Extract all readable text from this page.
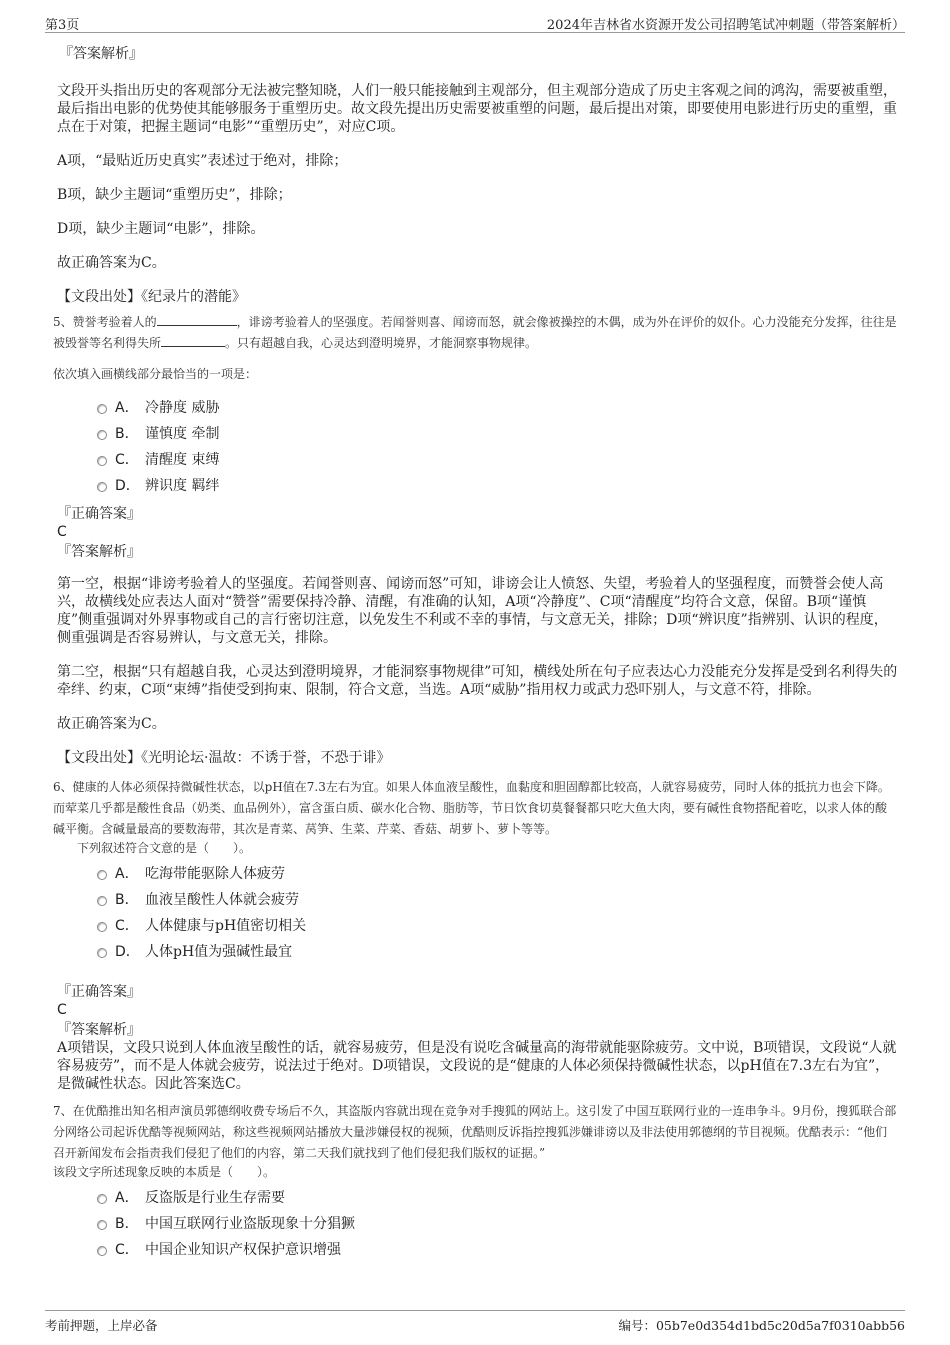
第3页	2024年吉林省水资源开发公司招聘笔试冲刺题（带答案解析）

『答案解析』

文段开头指出历史的客观部分无法被完整知晓，人们一般只能接触到主观部分，但主观部分造成了历史主客观之间的鸿沟，需要被重塑，最后指出电影的优势使其能够服务于重塑历史。故文段先提出历史需要被重塑的问题，最后提出对策，即要使用电影进行历史的重塑，重点在于对策，把握主题词“电影”“重塑历史”，对应C项。

A项，“最贴近历史真实”表述过于绝对，排除；

B项，缺少主题词“重塑历史”，排除；

D项，缺少主题词“电影”，排除。

故正确答案为C。

【文段出处】《纪录片的潜能》

5、赞誉考验着人的	，诽谤考验着人的坚强度。若闻誉则喜、闻谤而怒，就会像被操控的木偶，成为外在评价的奴仆。心力没能充分发挥，往往是被毁誉等名利得失所	。只有超越自我，心灵达到澄明境界，才能洞察事物规律。

依次填入画横线部分最恰当的一项是：

A． 冷静度 威胁
B． 谨慎度 牵制
C． 清醒度 束缚
D． 辨识度 羁绊

『正确答案』

C

『答案解析』

第一空，根据“诽谤考验着人的坚强度。若闻誉则喜、闻谤而怒”可知，诽谤会让人愤怒、失望，考验着人的坚强程度，而赞誉会使人高兴，故横线处应表达人面对“赞誉”需要保持冷静、清醒，有准确的认知，A项“冷静度”、C项“清醒度”均符合文意，保留。B项“谨慎度”侧重强调对外界事物或自己的言行密切注意，以免发生不利或不幸的事情，与文意无关，排除；D项“辨识度”指辨别、认识的程度，侧重强调是否容易辨认，与文意无关，排除。

第二空，根据“只有超越自我，心灵达到澄明境界，才能洞察事物规律”可知，横线处所在句子应表达心力没能充分发挥是受到名利得失的牵绊、约束，C项“束缚”指使受到拘束、限制，符合文意，当选。A项“威胁”指用权力或武力恐吓别人，与文意不符，排除。

故正确答案为C。

【文段出处】《光明论坛·温故：不诱于誉，不恐于诽》

6、健康的人体必须保持微碱性状态，以pH值在7.3左右为宜。如果人体血液呈酸性，血黏度和胆固醇都比较高，人就容易疲劳，同时人体的抵抗力也会下降。而荤菜几乎都是酸性食品（奶类、血品例外），富含蛋白质、碳水化合物、脂肪等，节日饮食切莫餐餐都只吃大鱼大肉，要有碱性食物搭配着吃，以求人体的酸碱平衡。含碱量最高的要数海带，其次是青菜、莴笋、生菜、芹菜、香菇、胡萝卜、萝卜等等。

下列叙述符合文意的是（　　）。

A． 吃海带能驱除人体疲劳
B． 血液呈酸性人体就会疲劳
C． 人体健康与pH值密切相关
D． 人体pH值为强碱性最宜

『正确答案』

C

『答案解析』

A项错误，文段只说到人体血液呈酸性的话，就容易疲劳，但是没有说吃含碱量高的海带就能驱除疲劳。文中说，B项错误，文段说“人就容易疲劳”，而不是人体就会疲劳，说法过于绝对。D项错误，文段说的是“健康的人体必须保持微碱性状态，以pH值在7.3左右为宜”，是微碱性状态。因此答案选C。

7、在优酷推出知名相声演员郭德纲收费专场后不久，其盗版内容就出现在竞争对手搜狐的网站上。这引发了中国互联网行业的一连串争斗。9月份，搜狐联合部分网络公司起诉优酷等视频网站，称这些视频网站播放大量涉嫌侵权的视频，优酷则反诉指控搜狐涉嫌诽谤以及非法使用郭德纲的节目视频。优酷表示：“他们召开新闻发布会指责我们侵犯了他们的内容，第二天我们就找到了他们侵犯我们版权的证据。”

该段文字所述现象反映的本质是（　　）。

A． 反盗版是行业生存需要
B． 中国互联网行业盗版现象十分猖獗
C． 中国企业知识产权保护意识增强
考前押题，上岸必备	编号：05b7e0d354d1bd5c20d5a7f0310abb56
